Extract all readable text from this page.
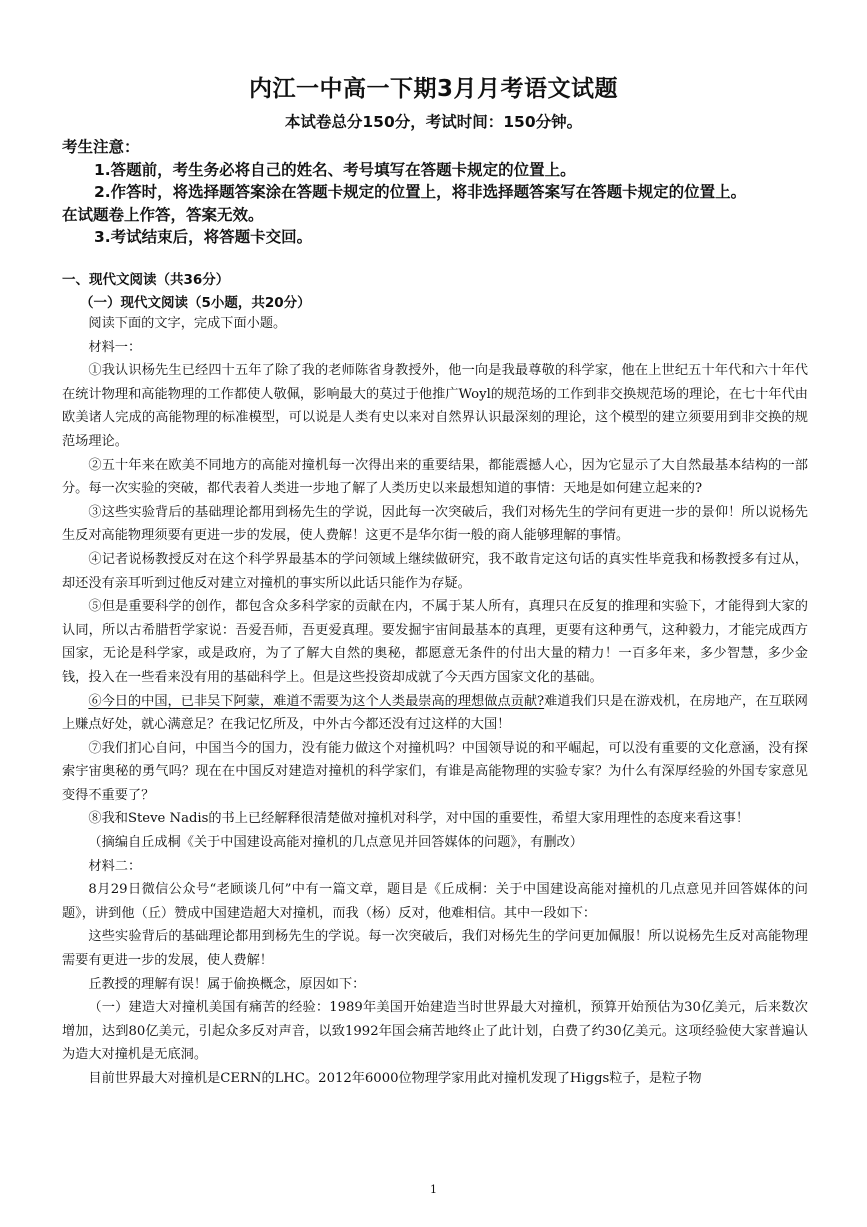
内江一中高一下期3月月考语文试题
本试卷总分150分，考试时间：150分钟。
考生注意：
1.答题前，考生务必将自己的姓名、考号填写在答题卡规定的位置上。
2.作答时，将选择题答案涂在答题卡规定的位置上，将非选择题答案写在答题卡规定的位置上。
在试题卷上作答，答案无效。
3.考试结束后，将答题卡交回。
一、现代文阅读（共36分）
（一）现代文阅读（5小题，共20分）

阅读下面的文字，完成下面小题。

材料一：

①我认识杨先生已经四十五年了除了我的老师陈省身教授外，他一向是我最尊敬的科学家，他在上世纪五十年代和六十年代在统计物理和高能物理的工作都使人敬佩，影响最大的莫过于他推广Woyl的规范场的工作到非交换规范场的理论，在七十年代由欧美诸人完成的高能物理的标准模型，可以说是人类有史以来对自然界认识最深刻的理论，这个模型的建立须要用到非交换的规范场理论。

②五十年来在欧美不同地方的高能对撞机每一次得出来的重要结果，都能震撼人心，因为它显示了大自然最基本结构的一部分。每一次实验的突破，都代表着人类进一步地了解了人类历史以来最想知道的事情：天地是如何建立起来的?

③这些实验背后的基础理论都用到杨先生的学说，因此每一次突破后，我们对杨先生的学问有更进一步的景仰！所以说杨先生反对高能物理须要有更进一步的发展，使人费解！这更不是华尔街一般的商人能够理解的事情。

④记者说杨教授反对在这个科学界最基本的学问领域上继续做研究，我不敢肯定这句话的真实性毕竟我和杨教授多有过从，却还没有亲耳听到过他反对建立对撞机的事实所以此话只能作为存疑。

⑤但是重要科学的创作，都包含众多科学家的贡献在内，不属于某人所有，真理只在反复的推理和实验下，才能得到大家的认同，所以古希腊哲学家说：吾爱吾师，吾更爱真理。要发掘宇宙间最基本的真理，更要有这种勇气，这种毅力，才能完成西方国家，无论是科学家，或是政府，为了了解大自然的奥秘，都愿意无条件的付出大量的精力！一百多年来，多少智慧，多少金钱，投入在一些看来没有用的基础科学上。但是这些投资却成就了今天西方国家文化的基础。

⑥今日的中国，已非吴下阿蒙，难道不需要为这个人类最崇高的理想做点贡献?难道我们只是在游戏机，在房地产，在互联网上赚点好处，就心满意足？在我记忆所及，中外古今都还没有过这样的大国！

⑦我们扪心自问，中国当今的国力，没有能力做这个对撞机吗？中国领导说的和平崛起，可以没有重要的文化意涵，没有探索宇宙奥秘的勇气吗？现在在中国反对建造对撞机的科学家们，有谁是高能物理的实验专家？为什么有深厚经验的外国专家意见变得不重要了？

⑧我和Steve Nadis的书上已经解释很清楚做对撞机对科学，对中国的重要性，希望大家用理性的态度来看这事！

（摘编自丘成桐《关于中国建设高能对撞机的几点意见并回答媒体的问题》，有删改）

材料二：

8月29日微信公众号“老顾谈几何”中有一篇文章，题目是《丘成桐：关于中国建设高能对撞机的几点意见并回答媒体的问题》，讲到他（丘）赞成中国建造超大对撞机，而我（杨）反对，他难相信。其中一段如下：

这些实验背后的基础理论都用到杨先生的学说。每一次突破后，我们对杨先生的学问更加佩服！所以说杨先生反对高能物理需要有更进一步的发展，使人费解！

丘教授的理解有误！属于偷换概念，原因如下：

（一）建造大对撞机美国有痛苦的经验：1989年美国开始建造当时世界最大对撞机，预算开始预估为30亿美元，后来数次增加，达到80亿美元，引起众多反对声音，以致1992年国会痛苦地终止了此计划，白费了约30亿美元。这项经验使大家普遍认为造大对撞机是无底洞。

目前世界最大对撞机是CERN的LHC。2012年6000位物理学家用此对撞机发现了Higgs粒子，是粒子物

1
